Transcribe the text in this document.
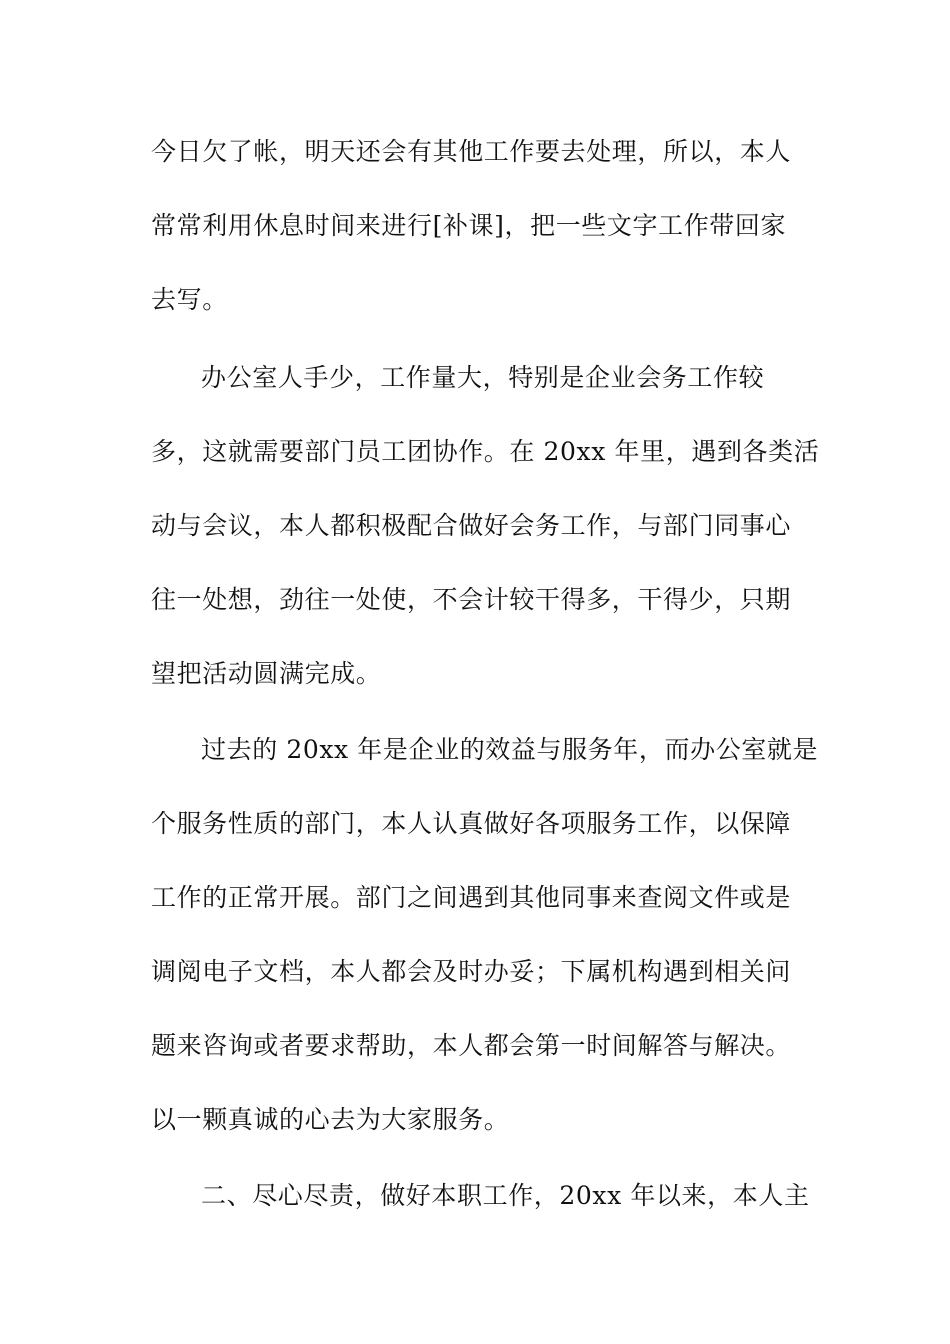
今日欠了帐，明天还会有其他工作要去处理，所以，本人
常常利用休息时间来进行[补课]，把一些文字工作带回家
去写。
办公室人手少，工作量大，特别是企业会务工作较
多，这就需要部门员工团协作。在 20xx 年里，遇到各类活
动与会议，本人都积极配合做好会务工作，与部门同事心
往一处想，劲往一处使，不会计较干得多，干得少，只期
望把活动圆满完成。
过去的 20xx 年是企业的效益与服务年，而办公室就是
个服务性质的部门，本人认真做好各项服务工作，以保障
工作的正常开展。部门之间遇到其他同事来查阅文件或是
调阅电子文档，本人都会及时办妥；下属机构遇到相关问
题来咨询或者要求帮助，本人都会第一时间解答与解决。
以一颗真诚的心去为大家服务。
二、尽心尽责，做好本职工作，20xx 年以来，本人主
